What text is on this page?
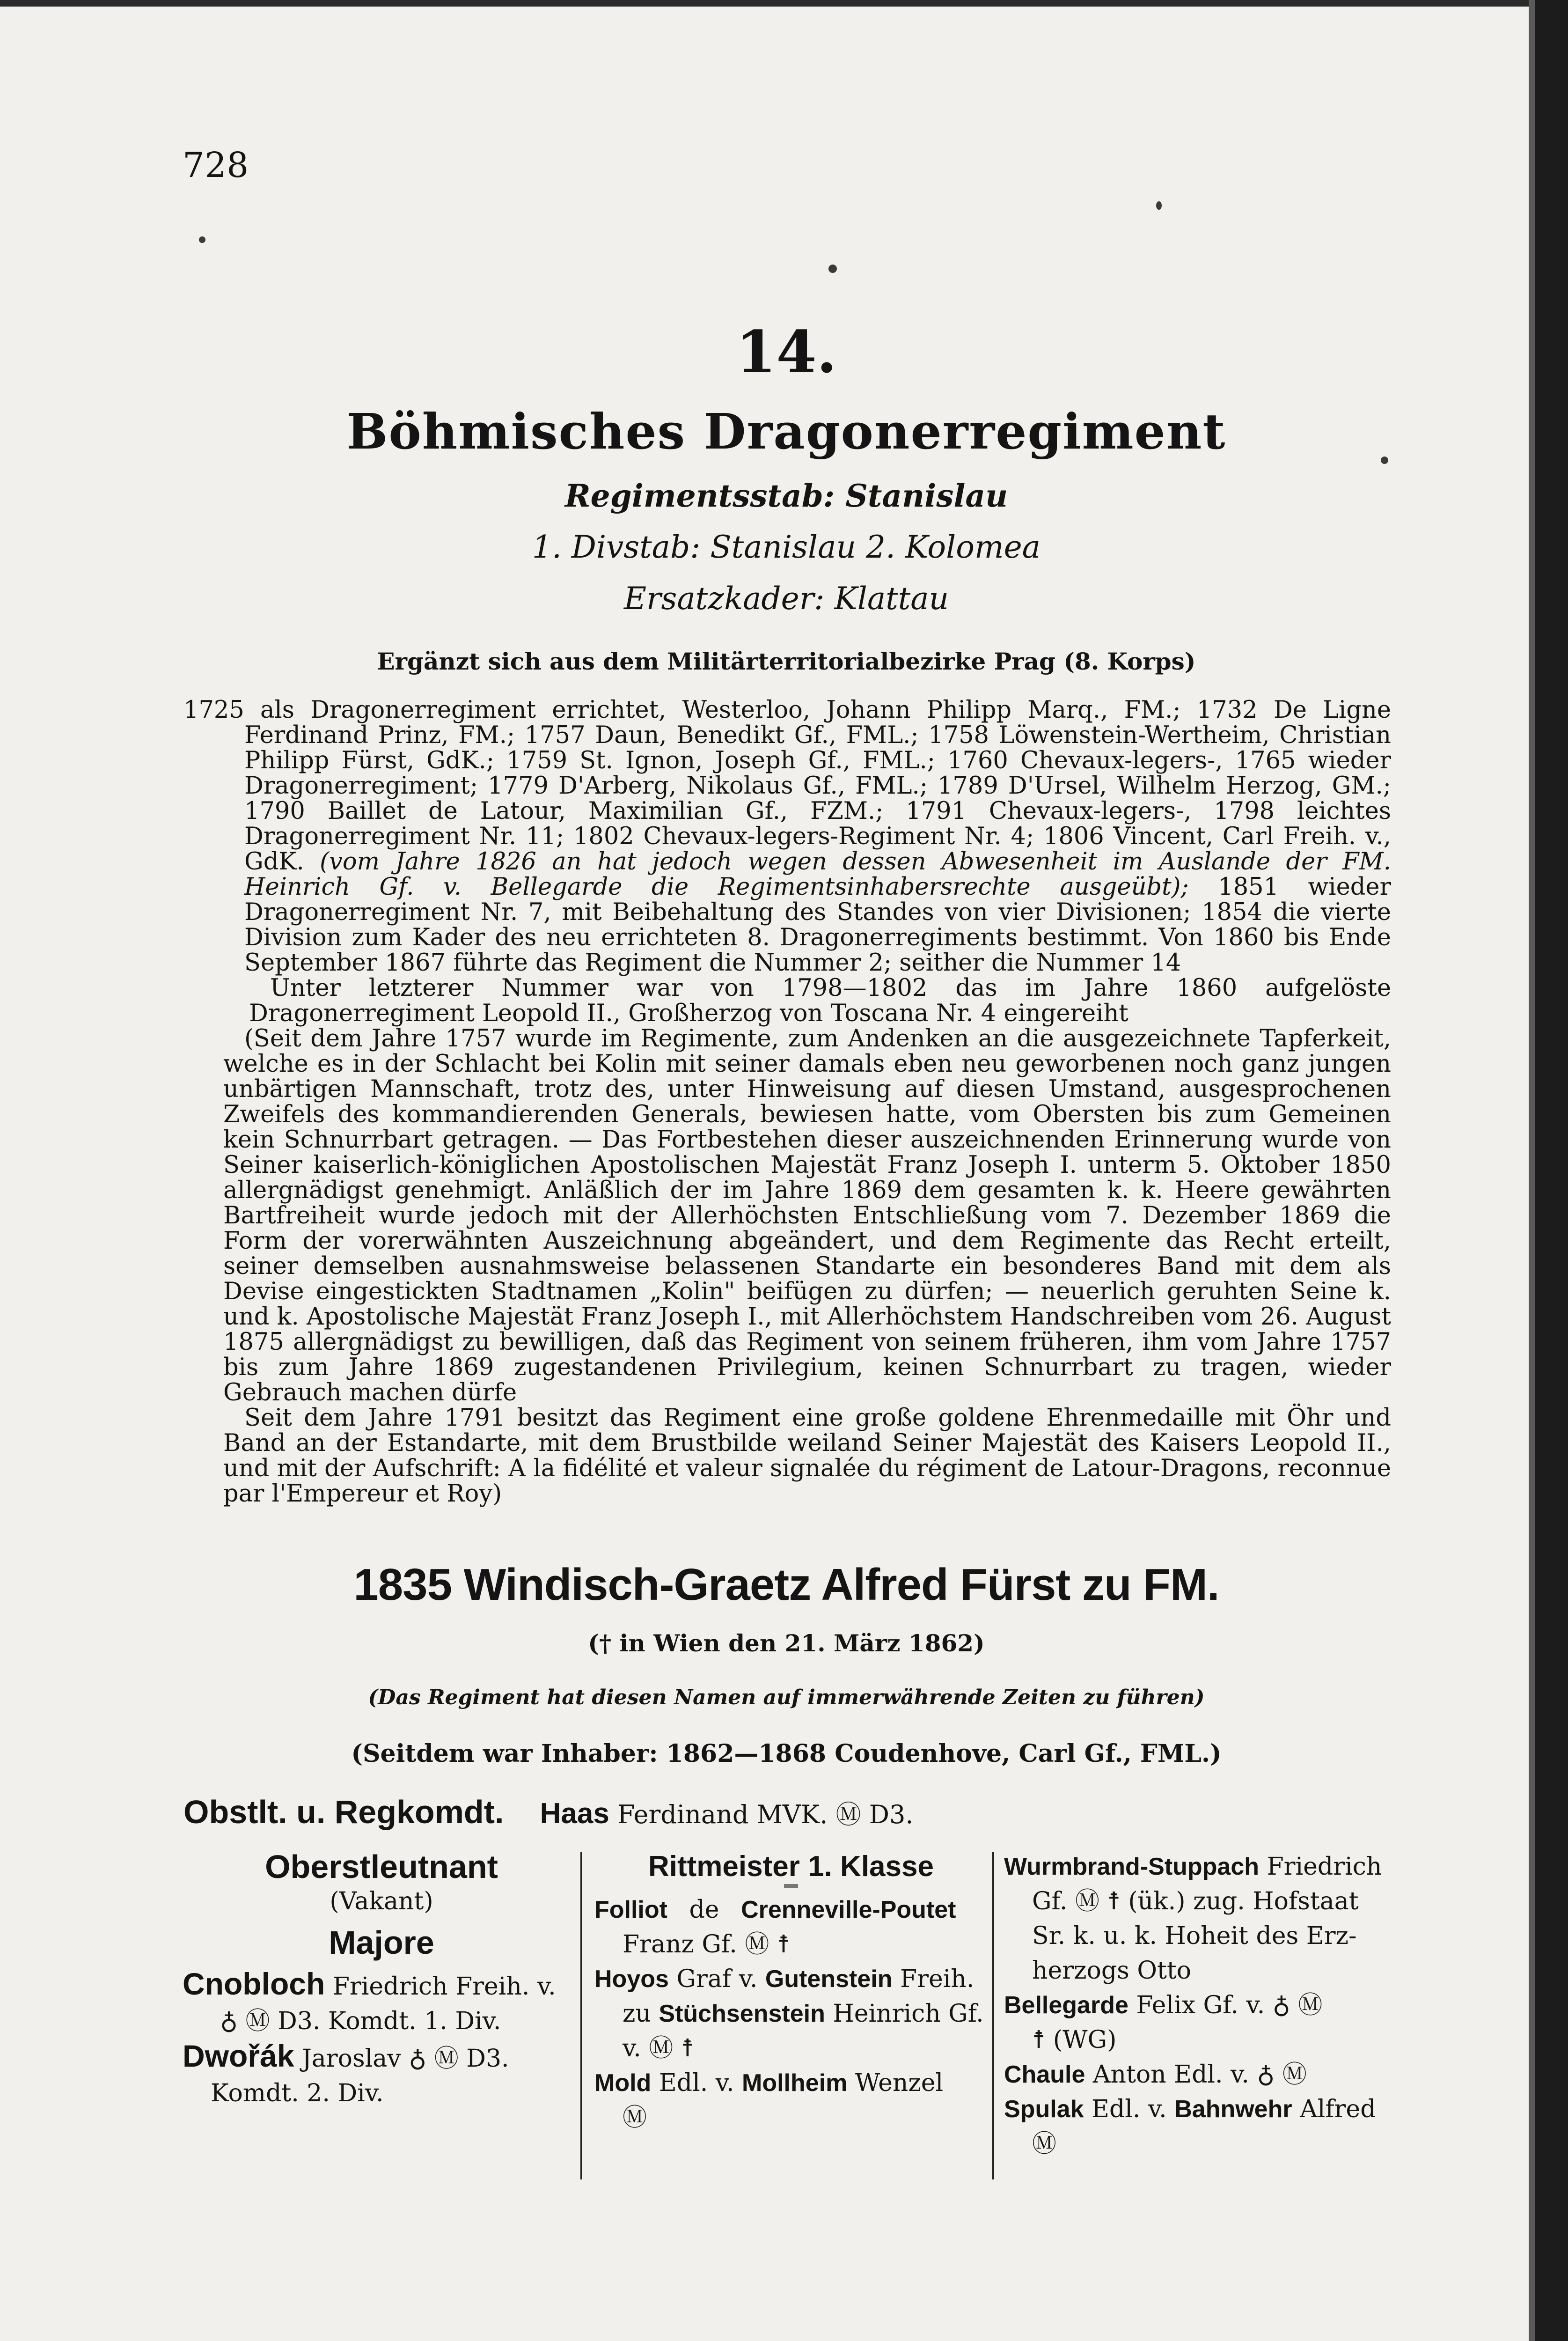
728
14.
Böhmisches Dragonerregiment
Regimentsstab: Stanislau
1. Divstab: Stanislau 2. Kolomea
Ersatzkader: Klattau
Ergänzt sich aus dem Militärterritorialbezirke Prag (8. Korps)

1725 als Dragonerregiment errichtet, Westerloo, Johann Philipp Marq., FM.; 1732 De Ligne Ferdinand Prinz, FM.; 1757 Daun, Benedikt Gf., FML.; 1758 Löwenstein-Wertheim, Christian Philipp Fürst, GdK.; 1759 St. Ignon, Joseph Gf., FML.; 1760 Chevaux-legers-, 1765 wieder Dragonerregiment; 1779 D'Arberg, Nikolaus Gf., FML.; 1789 D'Ursel, Wilhelm Herzog, GM.; 1790 Baillet de Latour, Maximilian Gf., FZM.; 1791 Chevaux-legers-, 1798 leichtes Dragonerregiment Nr. 11; 1802 Chevaux-legers-Regiment Nr. 4; 1806 Vincent, Carl Freih. v., GdK. (vom Jahre 1826 an hat jedoch wegen dessen Abwesenheit im Auslande der FM. Heinrich Gf. v. Bellegarde die Regimentsinhabersrechte ausgeübt); 1851 wieder Dragonerregiment Nr. 7, mit Beibehaltung des Standes von vier Divisionen; 1854 die vierte Division zum Kader des neu errichteten 8. Dragonerregiments bestimmt. Von 1860 bis Ende September 1867 führte das Regiment die Nummer 2; seither die Nummer 14

Unter letzterer Nummer war von 1798—1802 das im Jahre 1860 aufgelöste Dragonerregiment Leopold II., Großherzog von Toscana Nr. 4 eingereiht

(Seit dem Jahre 1757 wurde im Regimente, zum Andenken an die ausgezeichnete Tapferkeit, welche es in der Schlacht bei Kolin mit seiner damals eben neu geworbenen noch ganz jungen unbärtigen Mannschaft, trotz des, unter Hinweisung auf diesen Umstand, ausgesprochenen Zweifels des kommandierenden Generals, bewiesen hatte, vom Obersten bis zum Gemeinen kein Schnurrbart getragen. — Das Fortbestehen dieser auszeichnenden Erinnerung wurde von Seiner kaiserlich-königlichen Apostolischen Majestät Franz Joseph I. unterm 5. Oktober 1850 allergnädigst genehmigt. Anläßlich der im Jahre 1869 dem gesamten k. k. Heere gewährten Bartfreiheit wurde jedoch mit der Allerhöchsten Entschließung vom 7. Dezember 1869 die Form der vorerwähnten Auszeichnung abgeändert, und dem Regimente das Recht erteilt, seiner demselben ausnahmsweise belassenen Standarte ein besonderes Band mit dem als Devise eingestickten Stadtnamen „Kolin" beifügen zu dürfen; — neuerlich geruhten Seine k. und k. Apostolische Majestät Franz Joseph I., mit Allerhöchstem Handschreiben vom 26. August 1875 allergnädigst zu bewilligen, daß das Regiment von seinem früheren, ihm vom Jahre 1757 bis zum Jahre 1869 zugestandenen Privilegium, keinen Schnurrbart zu tragen, wieder Gebrauch machen dürfe

Seit dem Jahre 1791 besitzt das Regiment eine große goldene Ehrenmedaille mit Öhr und Band an der Estandarte, mit dem Brustbilde weiland Seiner Majestät des Kaisers Leopold II., und mit der Aufschrift: A la fidélité et valeur signalée du régiment de Latour-Dragons, reconnue par l'Empereur et Roy)

1835 Windisch-Graetz Alfred Fürst zu FM.
(† in Wien den 21. März 1862)
(Das Regiment hat diesen Namen auf immerwährende Zeiten zu führen)
(Seitdem war Inhaber: 1862—1868 Coudenhove, Carl Gf., FML.)
Obstlt. u. Regkomdt. Haas Ferdinand MVK. Ⓜ D3.
Oberstleutnant
(Vakant)
Majore
Cnobloch Friedrich Freih. v.
♁ Ⓜ D3. Komdt. 1. Div.
Dwořák Jaroslav ♁ Ⓜ D3.
Komdt. 2. Div.
Rittmeister 1. Klasse
Folliot de Crenneville-Poutet
Franz Gf. Ⓜ ☨
Hoyos Graf v. Gutenstein Freih.
zu Stüchsenstein Heinrich Gf.
v. Ⓜ ☨
Mold Edl. v. Mollheim Wenzel
Ⓜ
Wurmbrand-Stuppach Friedrich
Gf. Ⓜ ☨ (ük.) zug. Hofstaat
Sr. k. u. k. Hoheit des Erz-
herzogs Otto
Bellegarde Felix Gf. v. ♁ Ⓜ
☨ (WG)
Chaule Anton Edl. v. ♁ Ⓜ
Spulak Edl. v. Bahnwehr Alfred
Ⓜ
